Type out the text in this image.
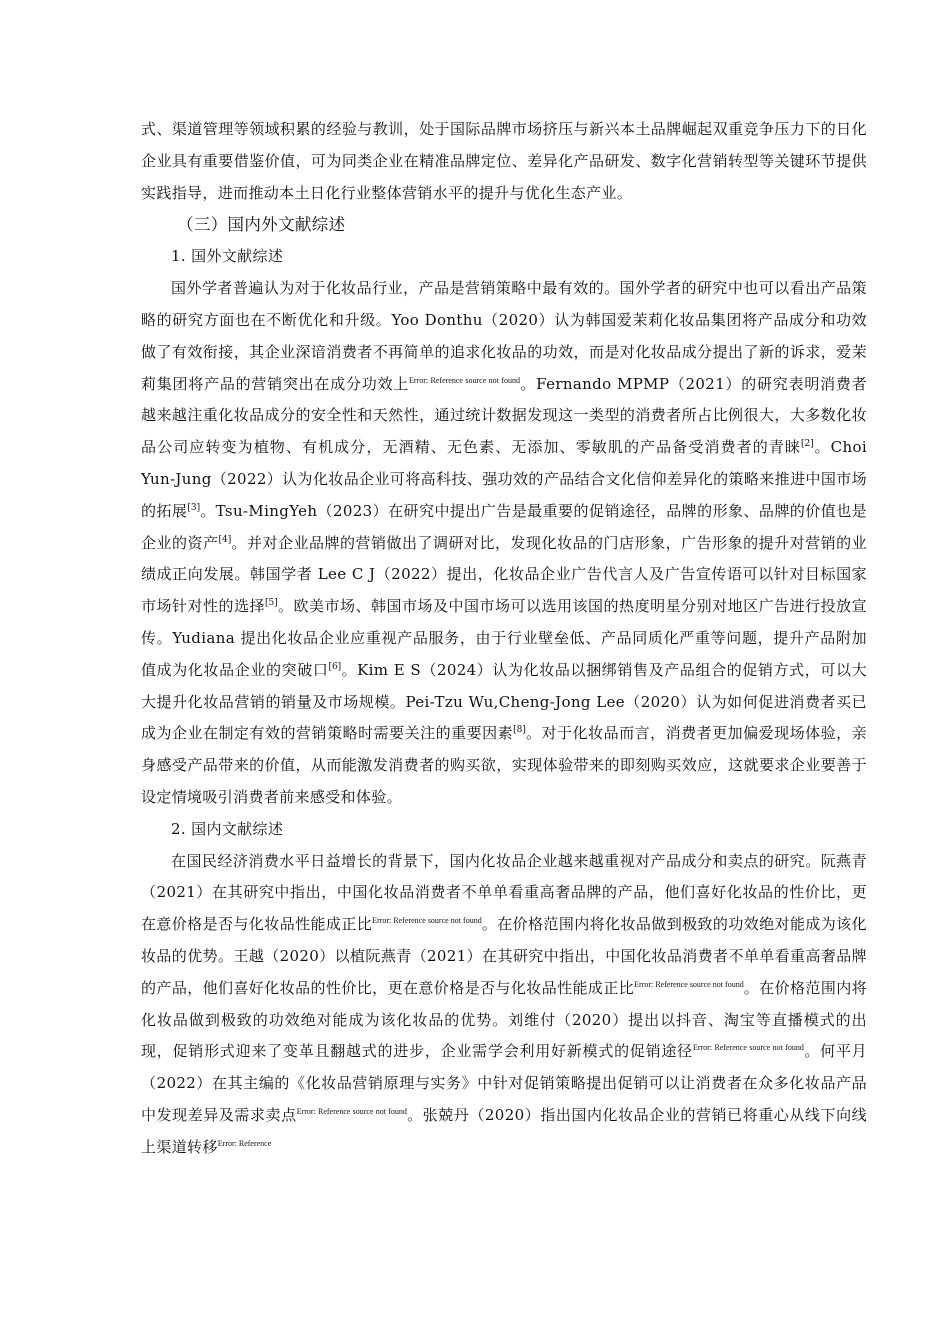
式、渠道管理等领域积累的经验与教训，处于国际品牌市场挤压与新兴本土品牌崛起双重竞争压力下的日化企业具有重要借鉴价值，可为同类企业在精准品牌定位、差异化产品研发、数字化营销转型等关键环节提供实践指导，进而推动本土日化行业整体营销水平的提升与优化生态产业。

（三）国内外文献综述

1. 国外文献综述

国外学者普遍认为对于化妆品行业，产品是营销策略中最有效的。国外学者的研究中也可以看出产品策略的研究方面也在不断优化和升级。Yoo Donthu（2020）认为韩国爱茉莉化妆品集团将产品成分和功效做了有效衔接，其企业深谙消费者不再简单的追求化妆品的功效，而是对化妆品成分提出了新的诉求，爱茉莉集团将产品的营销突出在成分功效上$^{Error: Reference source not found}$。Fernando MPMP（2021）的研究表明消费者越来越注重化妆品成分的安全性和天然性，通过统计数据发现这一类型的消费者所占比例很大，大多数化妆品公司应转变为植物、有机成分，无酒精、无色素、无添加、零敏肌的产品备受消费者的青睐[2]。Choi Yun-Jung（2022）认为化妆品企业可将高科技、强功效的产品结合文化信仰差异化的策略来推进中国市场的拓展[3]。Tsu-MingYeh（2023）在研究中提出广告是最重要的促销途径，品牌的形象、品牌的价值也是企业的资产[4]。并对企业品牌的营销做出了调研对比，发现化妆品的门店形象，广告形象的提升对营销的业绩成正向发展。韩国学者 Lee C J（2022）提出，化妆品企业广告代言人及广告宣传语可以针对目标国家市场针对性的选择[5]。欧美市场、韩国市场及中国市场可以选用该国的热度明星分别对地区广告进行投放宣传。Yudiana 提出化妆品企业应重视产品服务，由于行业壁垒低、产品同质化严重等问题，提升产品附加值成为化妆品企业的突破口[6]。Kim E S（2024）认为化妆品以捆绑销售及产品组合的促销方式，可以大大提升化妆品营销的销量及市场规模。Pei-Tzu Wu,Cheng-Jong Lee（2020）认为如何促进消费者买已成为企业在制定有效的营销策略时需要关注的重要因素[8]。对于化妆品而言，消费者更加偏爱现场体验，亲身感受产品带来的价值，从而能激发消费者的购买欲，实现体验带来的即刻购买效应，这就要求企业要善于设定情境吸引消费者前来感受和体验。

2. 国内文献综述

在国民经济消费水平日益增长的背景下，国内化妆品企业越来越重视对产品成分和卖点的研究。阮燕青（2021）在其研究中指出，中国化妆品消费者不单单看重高奢品牌的产品，他们喜好化妆品的性价比，更在意价格是否与化妆品性能成正比$^{Error: Reference source not found}$。在价格范围内将化妆品做到极致的功效绝对能成为该化妆品的优势。王越（2020）以植阮燕青（2021）在其研究中指出，中国化妆品消费者不单单看重高奢品牌的产品，他们喜好化妆品的性价比，更在意价格是否与化妆品性能成正比$^{Error: Reference source not found}$。在价格范围内将化妆品做到极致的功效绝对能成为该化妆品的优势。刘维付（2020）提出以抖音、淘宝等直播模式的出现，促销形式迎来了变革且翻越式的进步，企业需学会利用好新模式的促销途径$^{Error: Reference source not found}$。何平月（2022）在其主编的《化妆品营销原理与实务》中针对促销策略提出促销可以让消费者在众多化妆品产品中发现差异及需求卖点$^{Error: Reference source not found}$。张兢丹（2020）指出国内化妆品企业的营销已将重心从线下向线上渠道转移$^{Error: Reference}$
